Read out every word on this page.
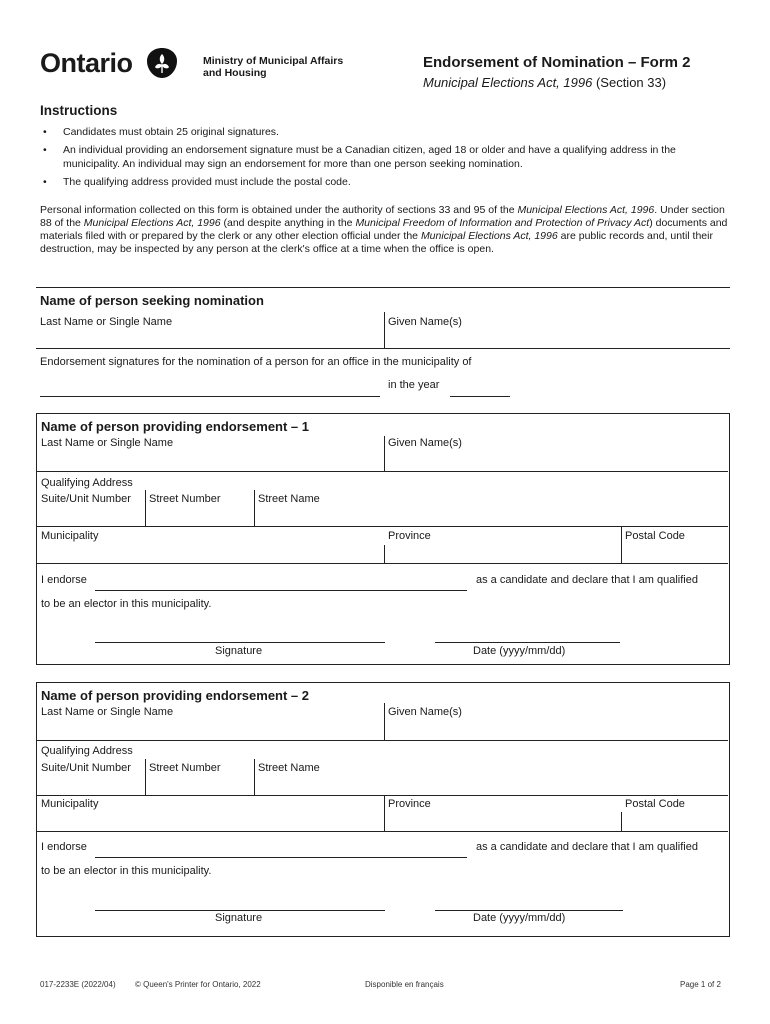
Ontario	Ministry of Municipal Affairs
and Housing
Endorsement of Nomination – Form 2
Municipal Elections Act, 1996 (Section 33)
Instructions
• Candidates must obtain 25 original signatures.
• An individual providing an endorsement signature must be a Canadian citizen, aged 18 or older and have a qualifying address in the municipality. An individual may sign an endorsement for more than one person seeking nomination.
• The qualifying address provided must include the postal code.
Personal information collected on this form is obtained under the authority of sections 33 and 95 of the Municipal Elections Act, 1996. Under section 88 of the Municipal Elections Act, 1996 (and despite anything in the Municipal Freedom of Information and Protection of Privacy Act) documents and materials filed with or prepared by the clerk or any other election official under the Municipal Elections Act, 1996 are public records and, until their destruction, may be inspected by any person at the clerk's office at a time when the office is open.
Name of person seeking nomination
Last Name or Single Name	Given Name(s)
Endorsement signatures for the nomination of a person for an office in the municipality of
in the year
Name of person providing endorsement – 1
Last Name or Single Name	Given Name(s)
Qualifying Address
Suite/Unit Number Street Number	Street Name
Municipality	Province	Postal Code
I endorse	as a candidate and declare that I am qualified
to be an elector in this municipality.
Signature	Date (yyyy/mm/dd)
Name of person providing endorsement – 2
Last Name or Single Name	Given Name(s)
Qualifying Address
Suite/Unit Number Street Number	Street Name
Municipality	Province	Postal Code
I endorse	as a candidate and declare that I am qualified
to be an elector in this municipality.
Signature	Date (yyyy/mm/dd)
017-2233E (2022/04) © Queen's Printer for Ontario, 2022	Disponible en français	Page 1 of 2
